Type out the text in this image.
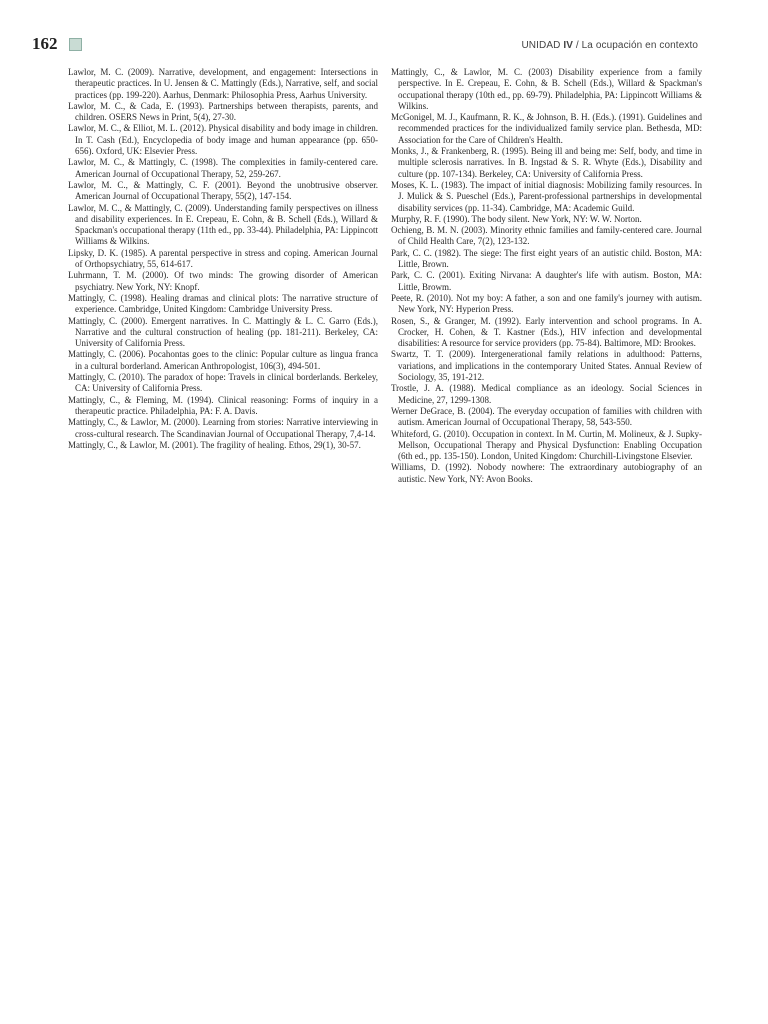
162	UNIDAD IV / La ocupación en contexto

Lawlor, M. C. (2009). Narrative, development, and engagement: Intersections in therapeutic practices. In U. Jensen & C. Mattingly (Eds.), Narrative, self, and social practices (pp. 199-220). Aarhus, Denmark: Philosophia Press, Aarhus University.

Lawlor, M. C., & Cada, E. (1993). Partnerships between therapists, parents, and children. OSERS News in Print, 5(4), 27-30.

Lawlor, M. C., & Elliot, M. L. (2012). Physical disability and body image in children. In T. Cash (Ed.), Encyclopedia of body image and human appearance (pp. 650-656). Oxford, UK: Elsevier Press.

Lawlor, M. C., & Mattingly, C. (1998). The complexities in family-centered care. American Journal of Occupational Therapy, 52, 259-267.

Lawlor, M. C., & Mattingly, C. F. (2001). Beyond the unobtrusive observer. American Journal of Occupational Therapy, 55(2), 147-154.

Lawlor, M. C., & Mattingly, C. (2009). Understanding family perspectives on illness and disability experiences. In E. Crepeau, E. Cohn, & B. Schell (Eds.), Willard & Spackman's occupational therapy (11th ed., pp. 33-44). Philadelphia, PA: Lippincott Williams & Wilkins.

Lipsky, D. K. (1985). A parental perspective in stress and coping. American Journal of Orthopsychiatry, 55, 614-617.

Luhrmann, T. M. (2000). Of two minds: The growing disorder of American psychiatry. New York, NY: Knopf.

Mattingly, C. (1998). Healing dramas and clinical plots: The narrative structure of experience. Cambridge, United Kingdom: Cambridge University Press.

Mattingly, C. (2000). Emergent narratives. In C. Mattingly & L. C. Garro (Eds.), Narrative and the cultural construction of healing (pp. 181-211). Berkeley, CA: University of California Press.

Mattingly, C. (2006). Pocahontas goes to the clinic: Popular culture as lingua franca in a cultural borderland. American Anthropologist, 106(3), 494-501.

Mattingly, C. (2010). The paradox of hope: Travels in clinical borderlands. Berkeley, CA: University of California Press.

Mattingly, C., & Fleming, M. (1994). Clinical reasoning: Forms of inquiry in a therapeutic practice. Philadelphia, PA: F. A. Davis.

Mattingly, C., & Lawlor, M. (2000). Learning from stories: Narrative interviewing in cross-cultural research. The Scandinavian Journal of Occupational Therapy, 7,4-14.

Mattingly, C., & Lawlor, M. (2001). The fragility of healing. Ethos, 29(1), 30-57.

Mattingly, C., & Lawlor, M. C. (2003) Disability experience from a family perspective. In E. Crepeau, E. Cohn, & B. Schell (Eds.), Willard & Spackman's occupational therapy (10th ed., pp. 69-79). Philadelphia, PA: Lippincott Williams & Wilkins.

McGonigel, M. J., Kaufmann, R. K., & Johnson, B. H. (Eds.). (1991). Guidelines and recommended practices for the individualized family service plan. Bethesda, MD: Association for the Care of Children's Health.

Monks, J., & Frankenberg, R. (1995). Being ill and being me: Self, body, and time in multiple sclerosis narratives. In B. Ingstad & S. R. Whyte (Eds.), Disability and culture (pp. 107-134). Berkeley, CA: University of California Press.

Moses, K. L. (1983). The impact of initial diagnosis: Mobilizing family resources. In J. Mulick & S. Pueschel (Eds.), Parent-professional partnerships in developmental disability services (pp. 11-34). Cambridge, MA: Academic Guild.

Murphy, R. F. (1990). The body silent. New York, NY: W. W. Norton.

Ochieng, B. M. N. (2003). Minority ethnic families and family-centered care. Journal of Child Health Care, 7(2), 123-132.

Park, C. C. (1982). The siege: The first eight years of an autistic child. Boston, MA: Little, Brown.

Park, C. C. (2001). Exiting Nirvana: A daughter's life with autism. Boston, MA: Little, Browm.

Peete, R. (2010). Not my boy: A father, a son and one family's journey with autism. New York, NY: Hyperion Press.

Rosen, S., & Granger, M. (1992). Early intervention and school programs. In A. Crocker, H. Cohen, & T. Kastner (Eds.), HIV infection and developmental disabilities: A resource for service providers (pp. 75-84). Baltimore, MD: Brookes.

Swartz, T. T. (2009). Intergenerational family relations in adulthood: Patterns, variations, and implications in the contemporary United States. Annual Review of Sociology, 35, 191-212.

Trostle, J. A. (1988). Medical compliance as an ideology. Social Sciences in Medicine, 27, 1299-1308.

Werner DeGrace, B. (2004). The everyday occupation of families with children with autism. American Journal of Occupational Therapy, 58, 543-550.

Whiteford, G. (2010). Occupation in context. In M. Curtin, M. Molineux, & J. Supky-Mellson, Occupational Therapy and Physical Dysfunction: Enabling Occupation (6th ed., pp. 135-150). London, United Kingdom: Churchill-Livingstone Elsevier.

Williams, D. (1992). Nobody nowhere: The extraordinary autobiography of an autistic. New York, NY: Avon Books.
